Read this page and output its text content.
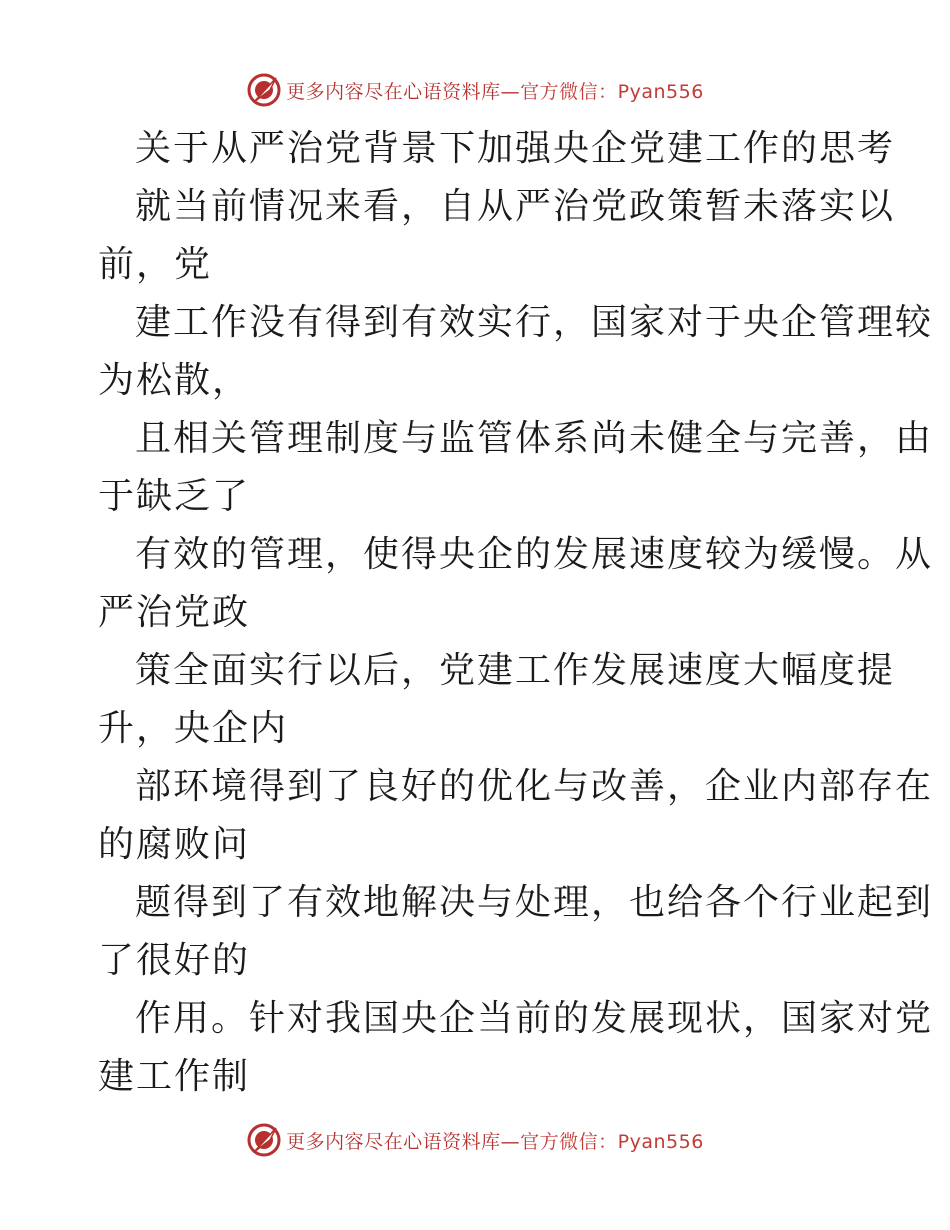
更多内容尽在心语资料库—官方微信：Pyan556
关于从严治党背景下加强央企党建工作的思考
就当前情况来看，自从严治党政策暂未落实以
前，党
建工作没有得到有效实行，国家对于央企管理较
为松散，
且相关管理制度与监管体系尚未健全与完善，由
于缺乏了
有效的管理，使得央企的发展速度较为缓慢。从
严治党政
策全面实行以后，党建工作发展速度大幅度提
升，央企内
部环境得到了良好的优化与改善，企业内部存在
的腐败问
题得到了有效地解决与处理，也给各个行业起到
了很好的
作用。针对我国央企当前的发展现状，国家对党
建工作制
更多内容尽在心语资料库—官方微信：Pyan556
